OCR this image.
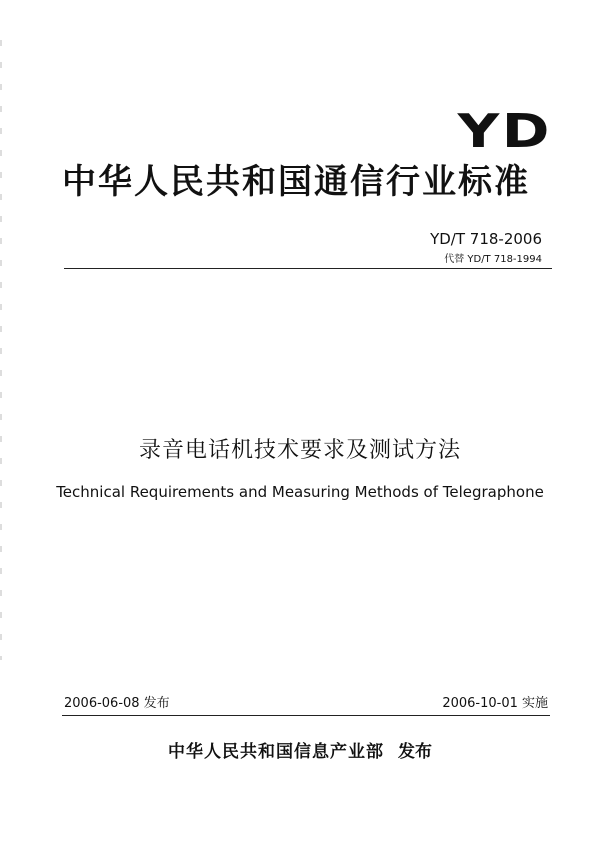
YD
中华人民共和国通信行业标准
YD/T 718-2006
代替 YD/T 718-1994
录音电话机技术要求及测试方法
Technical Requirements and Measuring Methods of Telegraphone
2006-06-08 发布	2006-10-01 实施
中华人民共和国信息产业部 发布
